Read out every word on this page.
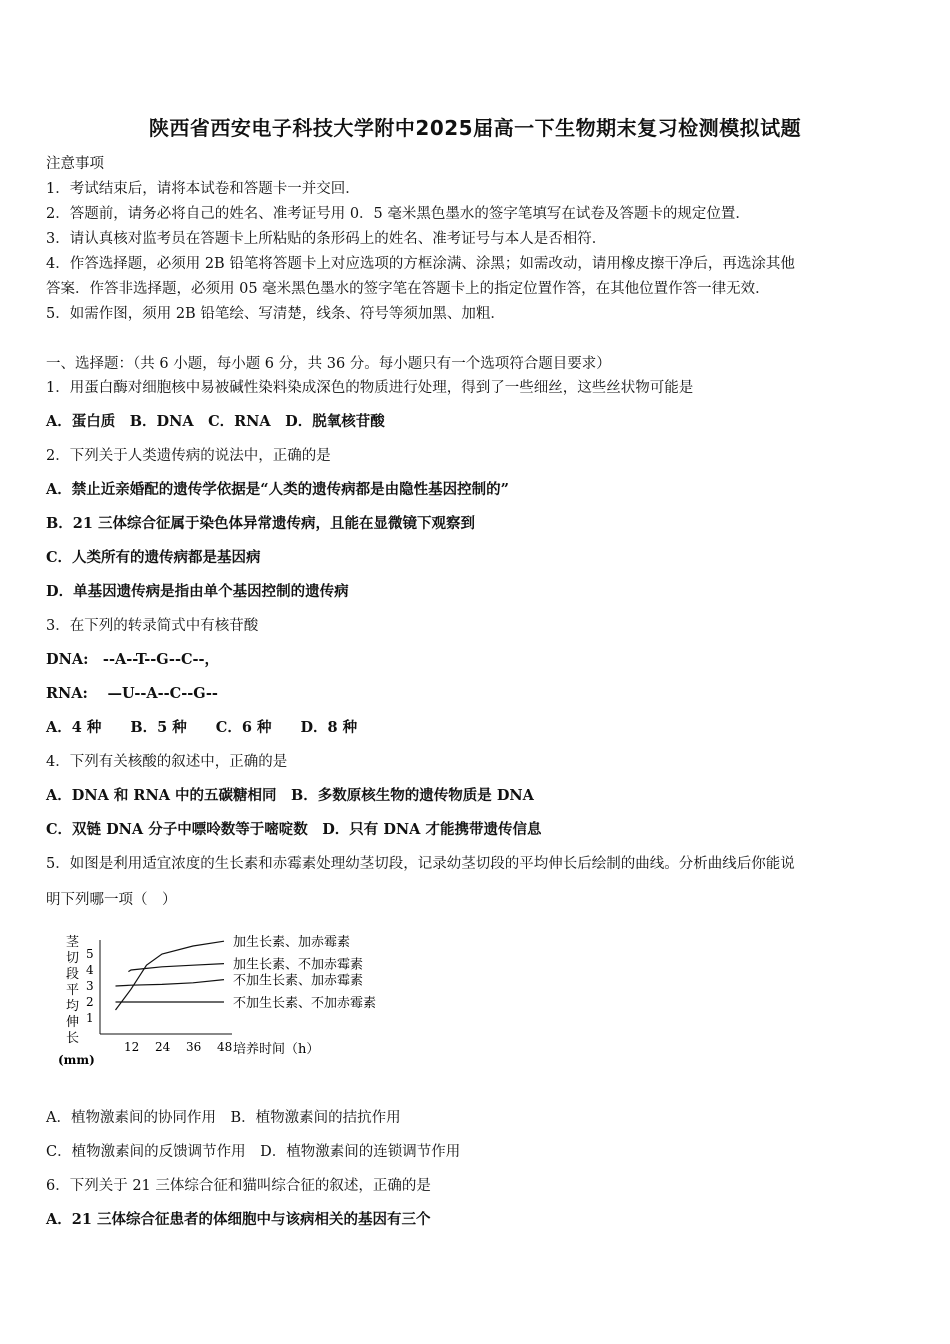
陕西省西安电子科技大学附中2025届高一下生物期末复习检测模拟试题
注意事项
1．考试结束后，请将本试卷和答题卡一并交回．
2．答题前，请务必将自己的姓名、准考证号用 0．5 毫米黑色墨水的签字笔填写在试卷及答题卡的规定位置．
3．请认真核对监考员在答题卡上所粘贴的条形码上的姓名、准考证号与本人是否相符．
4．作答选择题，必须用 2B 铅笔将答题卡上对应选项的方框涂满、涂黑；如需改动，请用橡皮擦干净后，再选涂其他
答案．作答非选择题，必须用 05 毫米黑色墨水的签字笔在答题卡上的指定位置作答，在其他位置作答一律无效．
5．如需作图，须用 2B 铅笔绘、写清楚，线条、符号等须加黑、加粗．
一、选择题：（共 6 小题，每小题 6 分，共 36 分。每小题只有一个选项符合题目要求）
1．用蛋白酶对细胞核中易被碱性染料染成深色的物质进行处理，得到了一些细丝，这些丝状物可能是
A．蛋白质　B．DNA　C．RNA　D．脱氧核苷酸
2．下列关于人类遗传病的说法中，正确的是
A．禁止近亲婚配的遗传学依据是“人类的遗传病都是由隐性基因控制的”
B．21 三体综合征属于染色体异常遗传病，且能在显微镜下观察到
C．人类所有的遗传病都是基因病
D．单基因遗传病是指由单个基因控制的遗传病
3．在下列的转录简式中有核苷酸
DNA:　--A--T--G--C--，
RNA:　 —U--A--C--G--
A．4 种　　B．5 种　　C．6 种　　D．8 种
4．下列有关核酸的叙述中，正确的是
A．DNA 和 RNA 中的五碳糖相同　B．多数原核生物的遗传物质是 DNA
C．双链 DNA 分子中嘌呤数等于嘧啶数　D．只有 DNA 才能携带遗传信息
5．如图是利用适宜浓度的生长素和赤霉素处理幼茎切段，记录幼茎切段的平均伸长后绘制的曲线。分析曲线后你能说
明下列哪一项（　）
茎
切
段
平
均
伸
长
(mm)
1
2
3
4
5
12 24 36 48
加生长素、加赤霉素
加生长素、不加赤霉素
不加生长素、加赤霉素
不加生长素、不加赤霉素
培养时间（h）
A．植物激素间的协同作用　B．植物激素间的拮抗作用
C．植物激素间的反馈调节作用　D．植物激素间的连锁调节作用
6．下列关于 21 三体综合征和猫叫综合征的叙述，正确的是
A．21 三体综合征患者的体细胞中与该病相关的基因有三个
